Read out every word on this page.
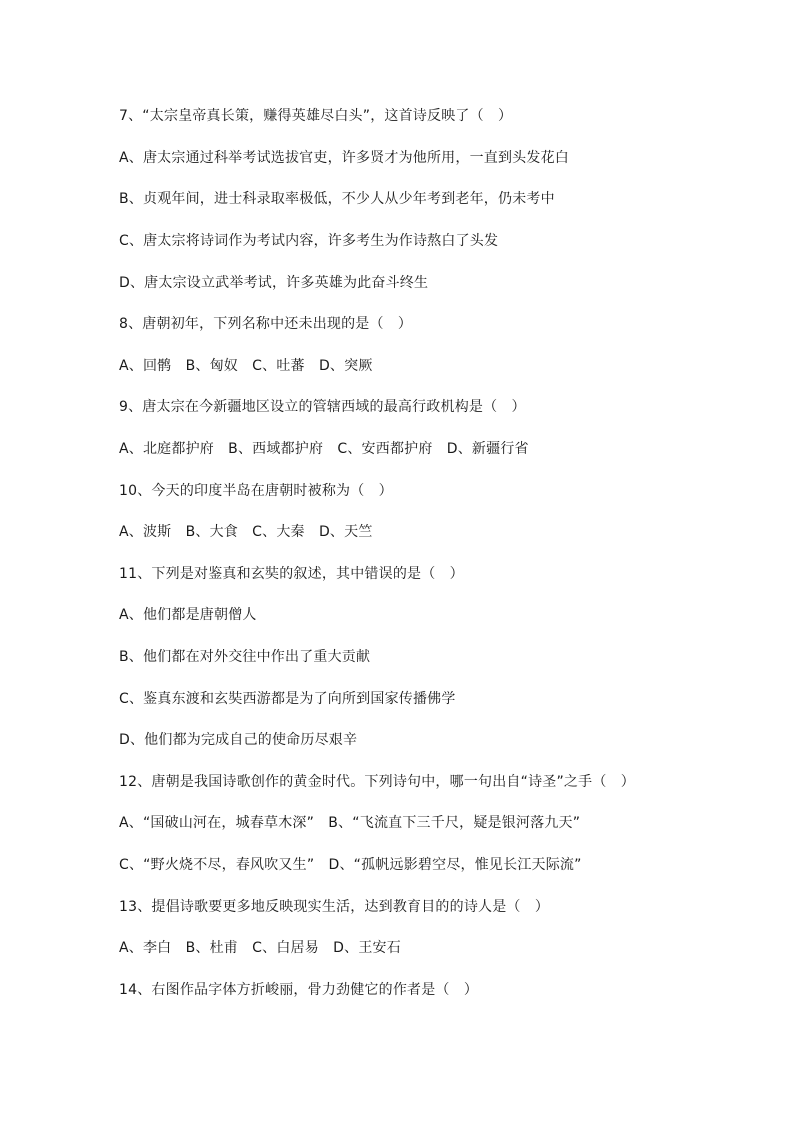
7、“太宗皇帝真长策，赚得英雄尽白头”，这首诗反映了（　）
A、唐太宗通过科举考试选拔官吏，许多贤才为他所用，一直到头发花白
B、贞观年间，进士科录取率极低，不少人从少年考到老年，仍未考中
C、唐太宗将诗词作为考试内容，许多考生为作诗熬白了头发
D、唐太宗设立武举考试，许多英雄为此奋斗终生
8、唐朝初年，下列名称中还未出现的是（　）
A、回鹘　B、匈奴　C、吐蕃　D、突厥
9、唐太宗在今新疆地区设立的管辖西域的最高行政机构是（　）
A、北庭都护府　B、西域都护府　C、安西都护府　D、新疆行省
10、今天的印度半岛在唐朝时被称为（　）
A、波斯　B、大食　C、大秦　D、天竺
11、下列是对鉴真和玄奘的叙述，其中错误的是（　）
A、他们都是唐朝僧人
B、他们都在对外交往中作出了重大贡献
C、鉴真东渡和玄奘西游都是为了向所到国家传播佛学
D、他们都为完成自己的使命历尽艰辛
12、唐朝是我国诗歌创作的黄金时代。下列诗句中，哪一句出自“诗圣”之手（　）
A、“国破山河在，城春草木深”　B、“飞流直下三千尺，疑是银河落九天”
C、“野火烧不尽，春风吹又生”　D、“孤帆远影碧空尽，惟见长江天际流”
13、提倡诗歌要更多地反映现实生活，达到教育目的的诗人是（　）
A、李白　B、杜甫　C、白居易　D、王安石
14、右图作品字体方折峻丽，骨力劲健它的作者是（　）
